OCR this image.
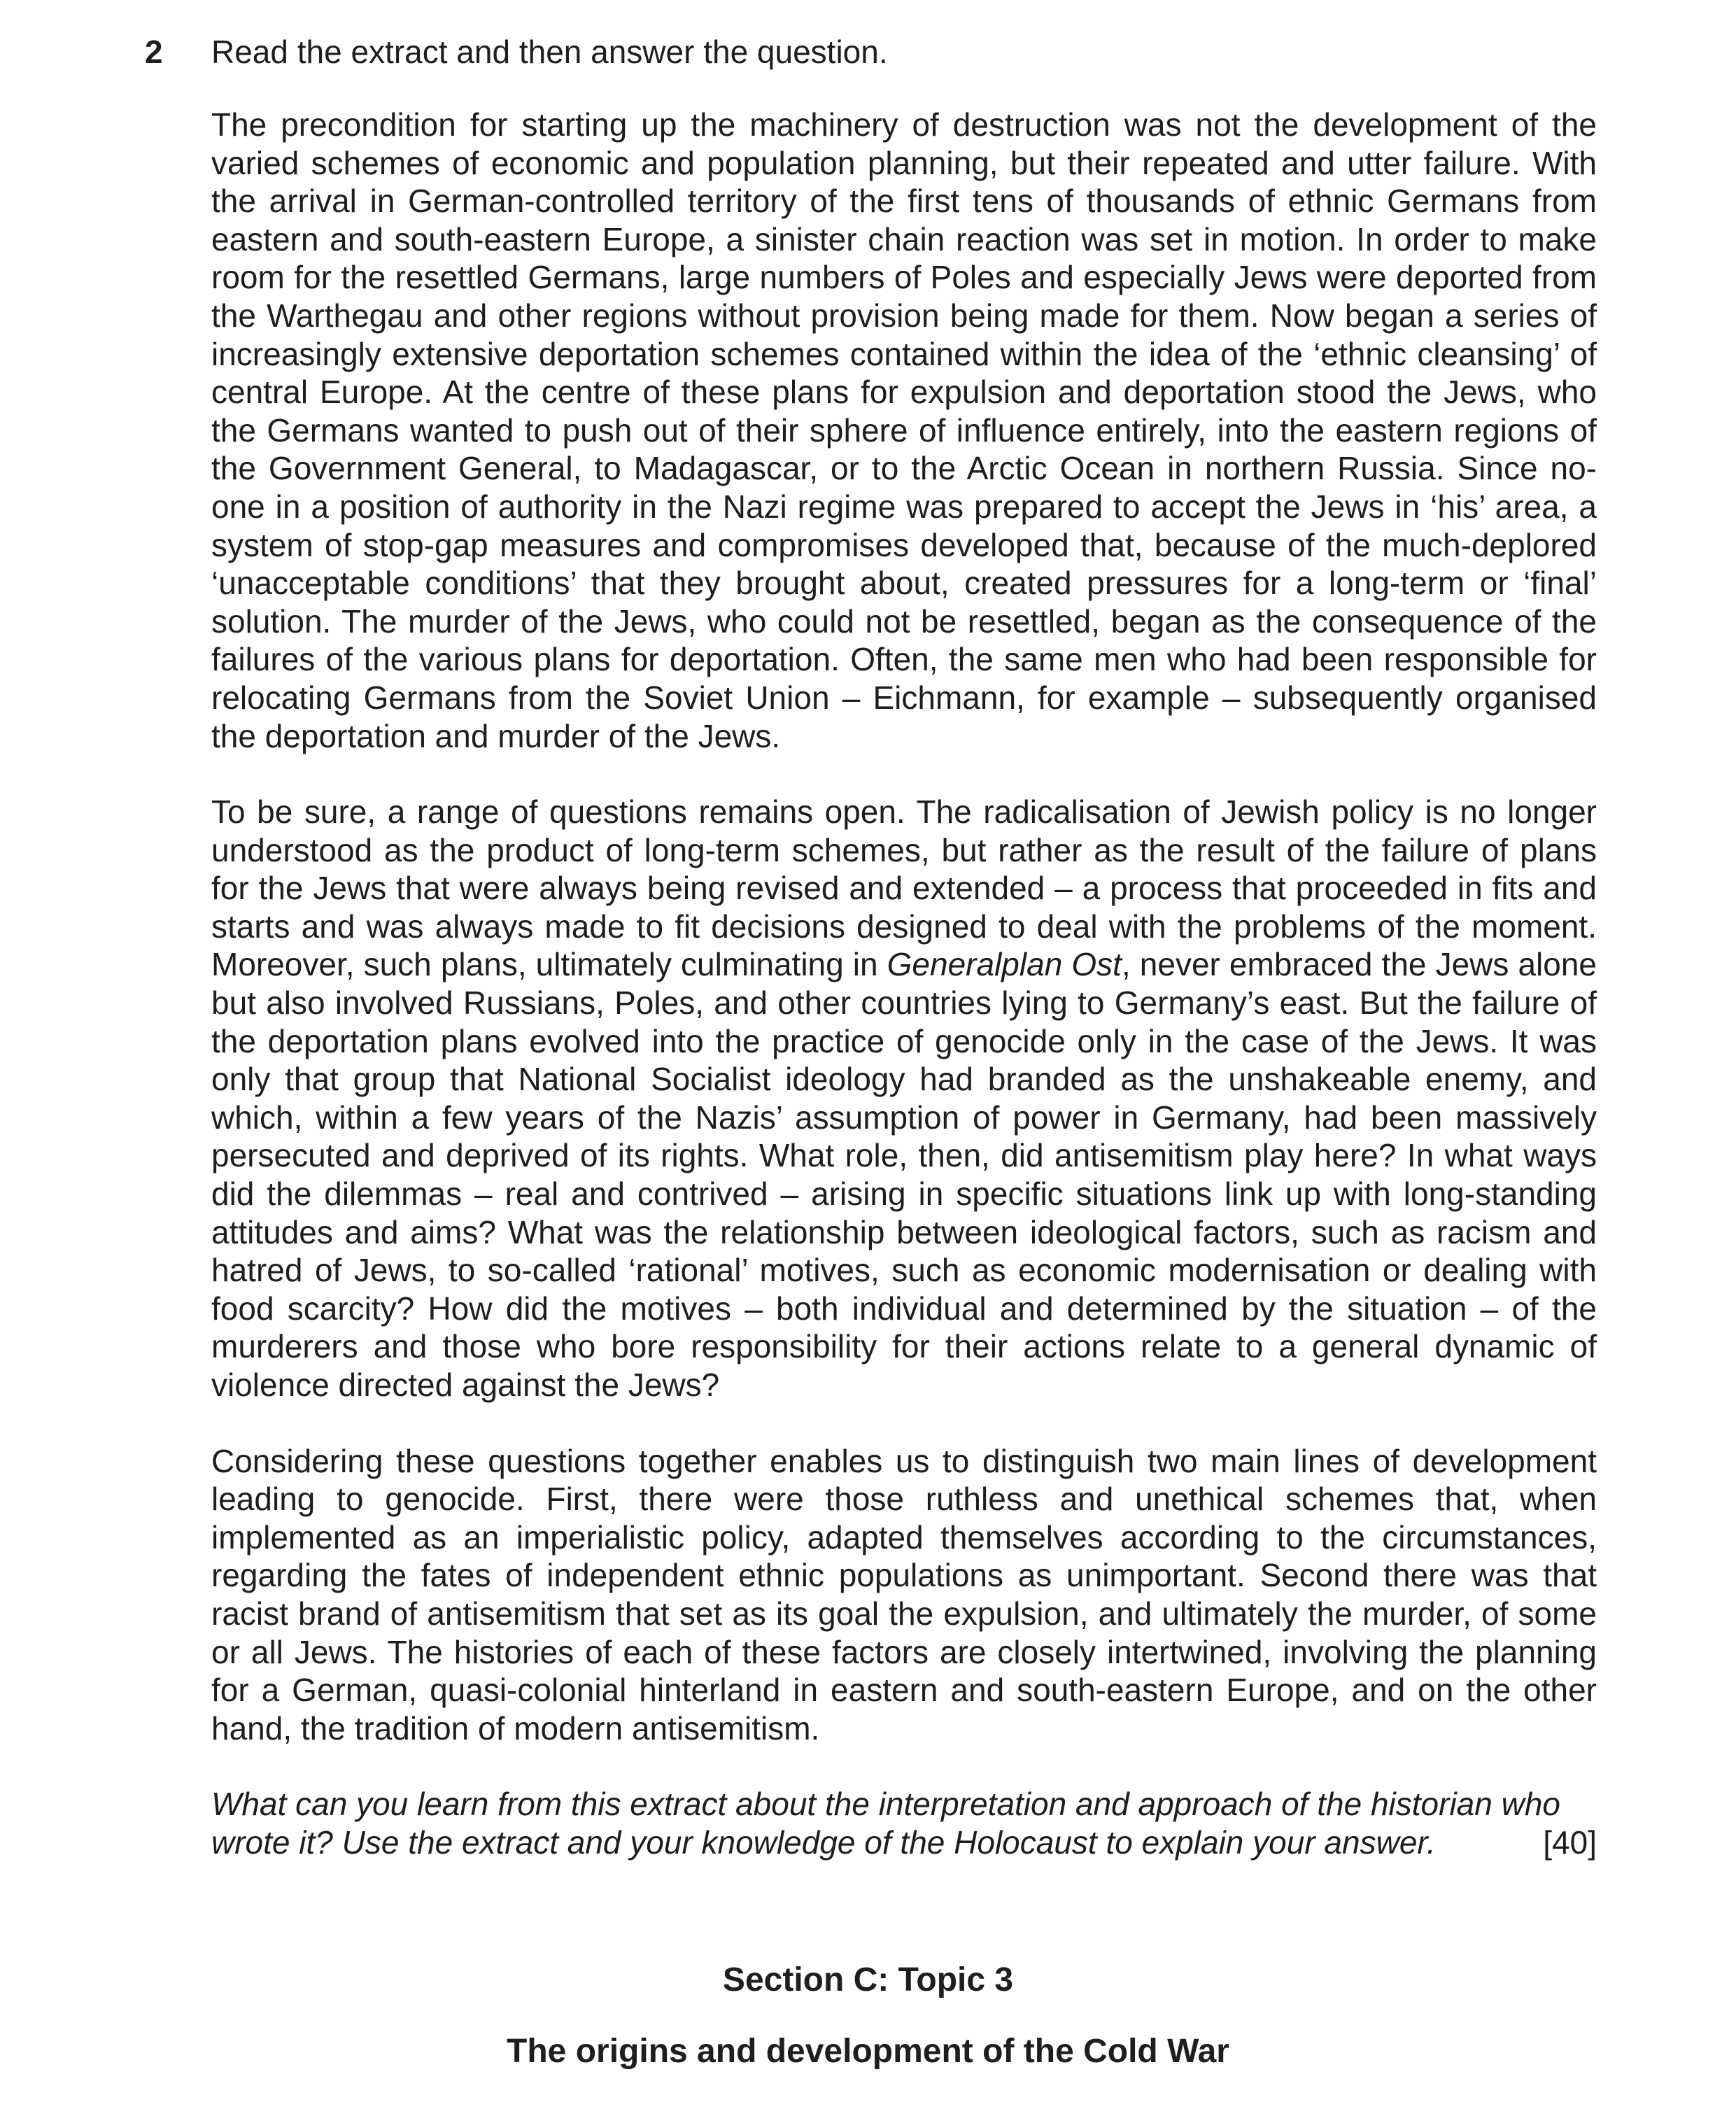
2 Read the extract and then answer the question.

The precondition for starting up the machinery of destruction was not the development of the varied schemes of economic and population planning, but their repeated and utter failure. With the arrival in German-controlled territory of the first tens of thousands of ethnic Germans from eastern and south-eastern Europe, a sinister chain reaction was set in motion. In order to make room for the resettled Germans, large numbers of Poles and especially Jews were deported from the Warthegau and other regions without provision being made for them. Now began a series of increasingly extensive deportation schemes contained within the idea of the ‘ethnic cleansing’ of central Europe. At the centre of these plans for expulsion and deportation stood the Jews, who the Germans wanted to push out of their sphere of influence entirely, into the eastern regions of the Government General, to Madagascar, or to the Arctic Ocean in northern Russia. Since no-one in a position of authority in the Nazi regime was prepared to accept the Jews in ‘his’ area, a system of stop-gap measures and compromises developed that, because of the much-deplored ‘unacceptable conditions’ that they brought about, created pressures for a long-term or ‘final’ solution. The murder of the Jews, who could not be resettled, began as the consequence of the failures of the various plans for deportation. Often, the same men who had been responsible for relocating Germans from the Soviet Union – Eichmann, for example – subsequently organised the deportation and murder of the Jews.

To be sure, a range of questions remains open. The radicalisation of Jewish policy is no longer understood as the product of long-term schemes, but rather as the result of the failure of plans for the Jews that were always being revised and extended – a process that proceeded in fits and starts and was always made to fit decisions designed to deal with the problems of the moment. Moreover, such plans, ultimately culminating in Generalplan Ost, never embraced the Jews alone but also involved Russians, Poles, and other countries lying to Germany’s east. But the failure of the deportation plans evolved into the practice of genocide only in the case of the Jews. It was only that group that National Socialist ideology had branded as the unshakeable enemy, and which, within a few years of the Nazis’ assumption of power in Germany, had been massively persecuted and deprived of its rights. What role, then, did antisemitism play here? In what ways did the dilemmas – real and contrived – arising in specific situations link up with long-standing attitudes and aims? What was the relationship between ideological factors, such as racism and hatred of Jews, to so-called ‘rational’ motives, such as economic modernisation or dealing with food scarcity? How did the motives – both individual and determined by the situation – of the murderers and those who bore responsibility for their actions relate to a general dynamic of violence directed against the Jews?

Considering these questions together enables us to distinguish two main lines of development leading to genocide. First, there were those ruthless and unethical schemes that, when implemented as an imperialistic policy, adapted themselves according to the circumstances, regarding the fates of independent ethnic populations as unimportant. Second there was that racist brand of antisemitism that set as its goal the expulsion, and ultimately the murder, of some or all Jews. The histories of each of these factors are closely intertwined, involving the planning for a German, quasi-colonial hinterland in eastern and south-eastern Europe, and on the other hand, the tradition of modern antisemitism.

What can you learn from this extract about the interpretation and approach of the historian who
wrote it? Use the extract and your knowledge of the Holocaust to explain your answer.	[40]

Section C: Topic 3
The origins and development of the Cold War
